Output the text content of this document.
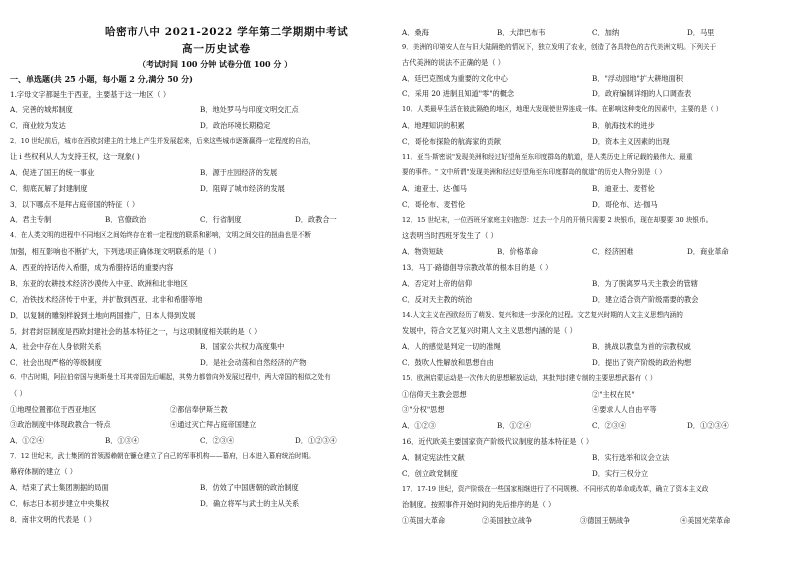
哈密市八中 2021-2022 学年第二学期期中考试
高一历史试卷
（考试时间 100 分钟 试卷分值 100 分 ）
一、单选题(共 25 小题，每小题 2 分,满分 50 分)
1.字母文字都诞生于西亚，主要基于这一地区（ ）
A．完善的城邦制度	B．地处罗马与印度文明交汇点
C．商业较为发达	D．政治环境长期稳定
2．10 世纪前后，城市在西欧封建主的土地上产生并发展起来，后来这些城市逐渐赢得一定程度的自治，
让 i 些权利从人为支持王权，这一现象( )
A．促进了国王的统一事业	B．源于庄园经济的发展
C．彻底瓦解了封建制度	D．阻碍了城市经济的发展
3．以下哪点不是拜占庭帝国的特征（ ）
A．君主专制	B．官僚政治	C．行省制度	D．政教合一
4．在人类文明的进程中不同地区之间始终存在着一定程度的联系和影响，文明之间交往的扭曲也是不断
加强，相互影响也不断扩大，下列选项正确体现文明联系的是（ ）
A．西亚的持话传入希腊，成为希腊持话的重要内容
B．东亚的农耕技术经济沙漠传入中亚、欧洲和北非地区
C．冶铁技术经济传于中亚，并扩散到西亚、北非和希腊等地
D．以复制的雕刻样貌到土地向两国推广，日本人得到发展
5．封君封臣制度是西欧封建社会的基本特征之一，与这项制度相关联的是（ ）
A．社会中存在人身依附关系	B．国家公共权力高度集中
C．社会出现严格的等级制度	D．是社会动荡和自然经济的产物
6．中古时期，阿拉伯帝国与奥斯曼土耳其帝国先后崛起，其势力都曾向外发展过程中，两大帝国的相似之处有
（ ）
①地理位置都位于西亚地区	②都信奉伊斯兰教
③政治制度中体现政教合一特点	④通过灭亡拜占庭帝国建立
A．①②④	B．①③④	C．②③④	D．①②③④
7．12 世纪末，武士集团的首领源赖朝在镰仓建立了自己的军事机构——幕府，日本进入幕府统治时期。
幕府体制的建立（ ）
A．结束了武士集团割据的局面	B．仿效了中国唐朝的政治制度
C．标志日本初步建立中央集权	D．确立将军与武士的主从关系
8．南非文明的代表是（ ）
A．桑海	B．大津巴布韦	C．加纳	D．马里
9．美洲的印第安人在与旧大陆隔绝的情况下，独立发明了农业，创造了各具特色的古代美洲文明。下列关于
古代美洲的说法不正确的是（ ）
A．廷巴克图成为重要的文化中心	B．"浮动园地"扩大耕地面积
C．采用 20 进制且知道"零"的概念	D．政府编制详细的人口调查表
10．人类最早生活在彼此隔绝的地区，地理大发现使世界连成一体。在影响这种变化的因素中，主要的是（ ）
A．地理知识的积累	B．航海技术的进步
C．哥伦布探险的航海家的贡献	D．资本主义因素的出现
11．亚当·斯密说"发现美洲和经过好望角至东印度群岛的航道，是人类历史上所记载的最伟大、最重
要的事件。" 文中所谓"发现美洲和经过好望角至东印度群岛的航道"的历史人物分别是（ ）
A．迪亚士、达·伽马	B．迪亚士、麦哲伦
C．哥伦布、麦哲伦	D．哥伦布、达·伽马
12．15 世纪末，一位西班牙家庭主妇抱怨：过去一个月的开销只需要 2 块银币，现在却要要 30 块银币。
这表明当时西班牙发生了（ ）
A．物资短缺	B．价格革命	C．经济困难	D．商业革命
13．马丁·路德倡导宗教改革的根本目的是（ ）
A．否定对上帝的信仰	B．为了脱离罗马天主教会的管辖
C．反对天主教的统治	D．建立适合资产阶级需要的教会
14.人文主义在西欧经历了萌发、复兴和进一步深化的过程。文艺复兴时期的人文主义思想内涵的
发展中，符合文艺复兴时期人文主义思想内涵的是（ ）
A．人的感觉是判定一切的准绳	B．挑战以教皇为首的宗教权威
C．鼓吹人性解放和思想自由	D．提出了资产阶级的政治构想
15．欧洲启蒙运动是一次伟大的思想解放运动，其批判封建专制的主要思想武器有（ ）
①信仰天主教会思想	②"主权在民"
③"分权"思想	④要求人人自由平等
A．①②③	B．①②④	C．②③④	D．①②③④
16．近代欧美主要国家资产阶级代议制度的基本特征是（ ）
A．制定宪法性文献	B．实行选举和议会立法
C．创立政党制度	D．实行三权分立
17．17-19 世纪，资产阶级在一些国家相继进行了不同规模、不同形式的革命或改革，确立了资本主义政
治制度。按照事件开始时间的先后排序的是（ ）
①英国大革命	②美国独立战争	③德国王朝战争	④美国光荣革命
